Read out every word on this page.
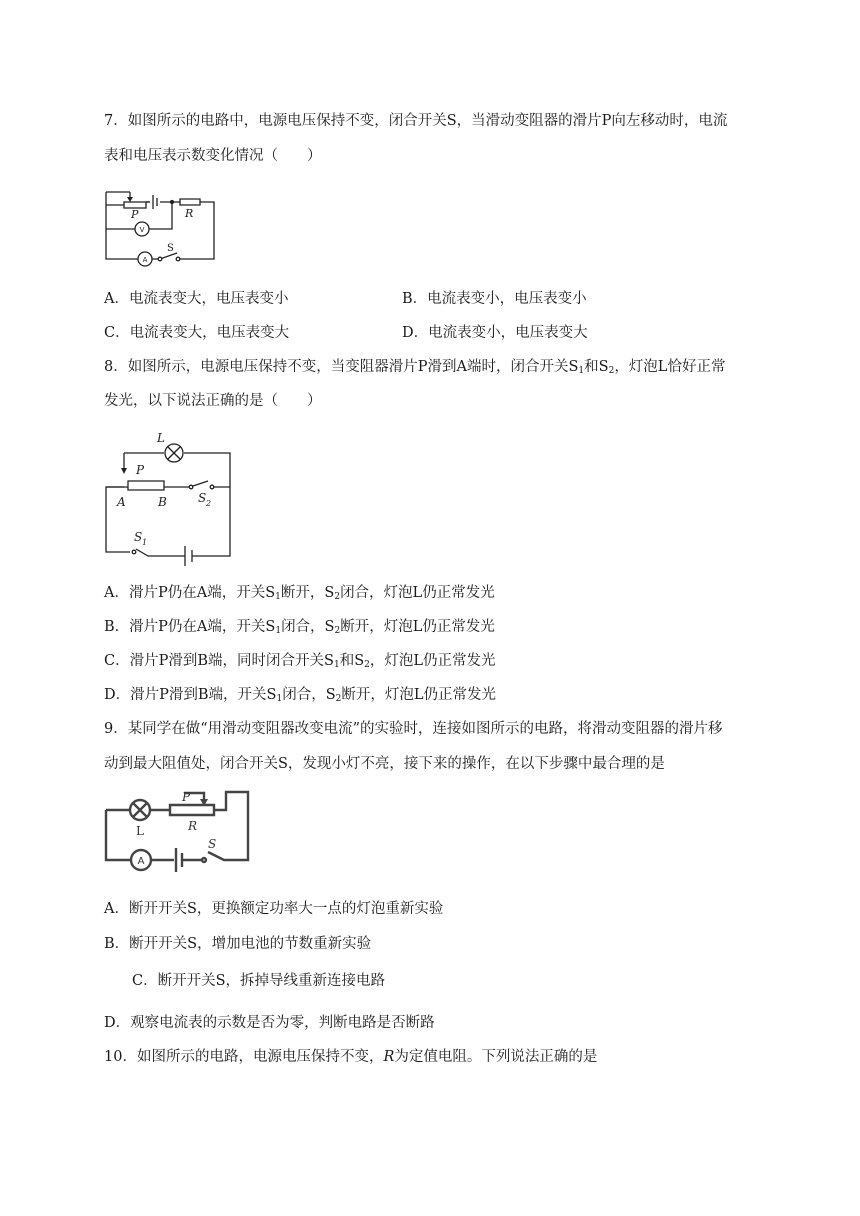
7．如图所示的电路中，电源电压保持不变，闭合开关S，当滑动变阻器的滑片P向左移动时，电流
表和电压表示数变化情况（　　）
P	R
S
V
A
A．电流表变大，电压表变小	B．电流表变小，电压表变小
C．电流表变大，电压表变大	D．电流表变小，电压表变大
8．如图所示，电源电压保持不变，当变阻器滑片P滑到A端时，闭合开关$S_1$和$S_2$，灯泡L恰好正常
发光，以下说法正确的是（　　）
L
P
A	B	S 2
S 1
A．滑片P仍在A端，开关$S_1$断开，$S_2$闭合，灯泡L仍正常发光
B．滑片P仍在A端，开关$S_1$闭合，$S_2$断开，灯泡L仍正常发光
C．滑片P滑到B端，同时闭合开关$S_1$和$S_2$，灯泡L仍正常发光
D．滑片P滑到B端，开关$S_1$闭合，$S_2$断开，灯泡L仍正常发光
9．某同学在做“用滑动变阻器改变电流”的实验时，连接如图所示的电路，将滑动变阻器的滑片移
动到最大阻值处，闭合开关S，发现小灯不亮，接下来的操作，在以下步骤中最合理的是
P
R
L
S
A
A．断开开关S，更换额定功率大一点的灯泡重新实验
B．断开开关S，增加电池的节数重新实验
C．断开开关S，拆掉导线重新连接电路
D．观察电流表的示数是否为零，判断电路是否断路
10．如图所示的电路，电源电压保持不变，R为定值电阻。下列说法正确的是
